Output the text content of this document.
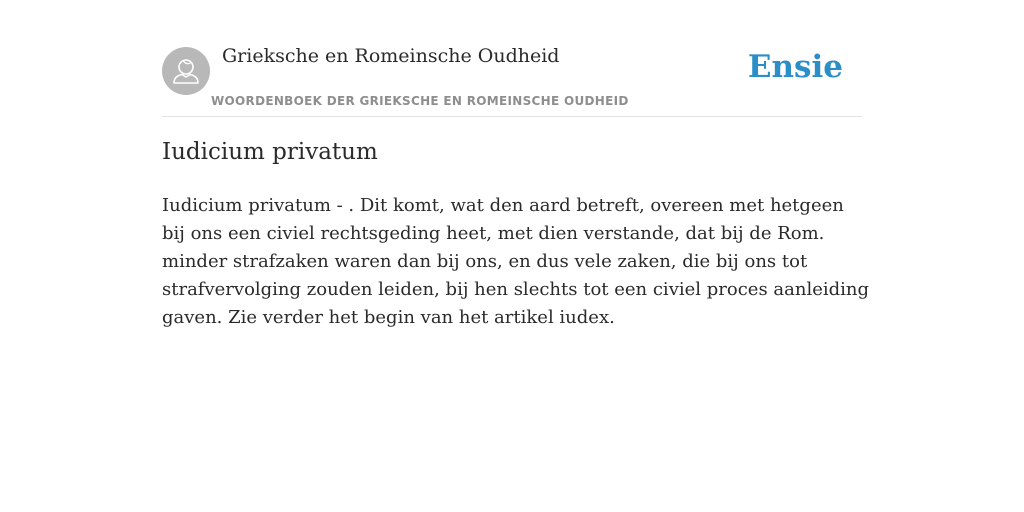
Grieksche en Romeinsche Oudheid
WOORDENBOEK DER GRIEKSCHE EN ROMEINSCHE OUDHEID
Ensie
Iudicium privatum

Iudicium privatum - . Dit komt, wat den aard betreft, overeen met hetgeen bij ons een civiel rechtsgeding heet, met dien verstande, dat bij de Rom. minder strafzaken waren dan bij ons, en dus vele zaken, die bij ons tot strafvervolging zouden leiden, bij hen slechts tot een civiel proces aanleiding gaven. Zie verder het begin van het artikel iudex.
